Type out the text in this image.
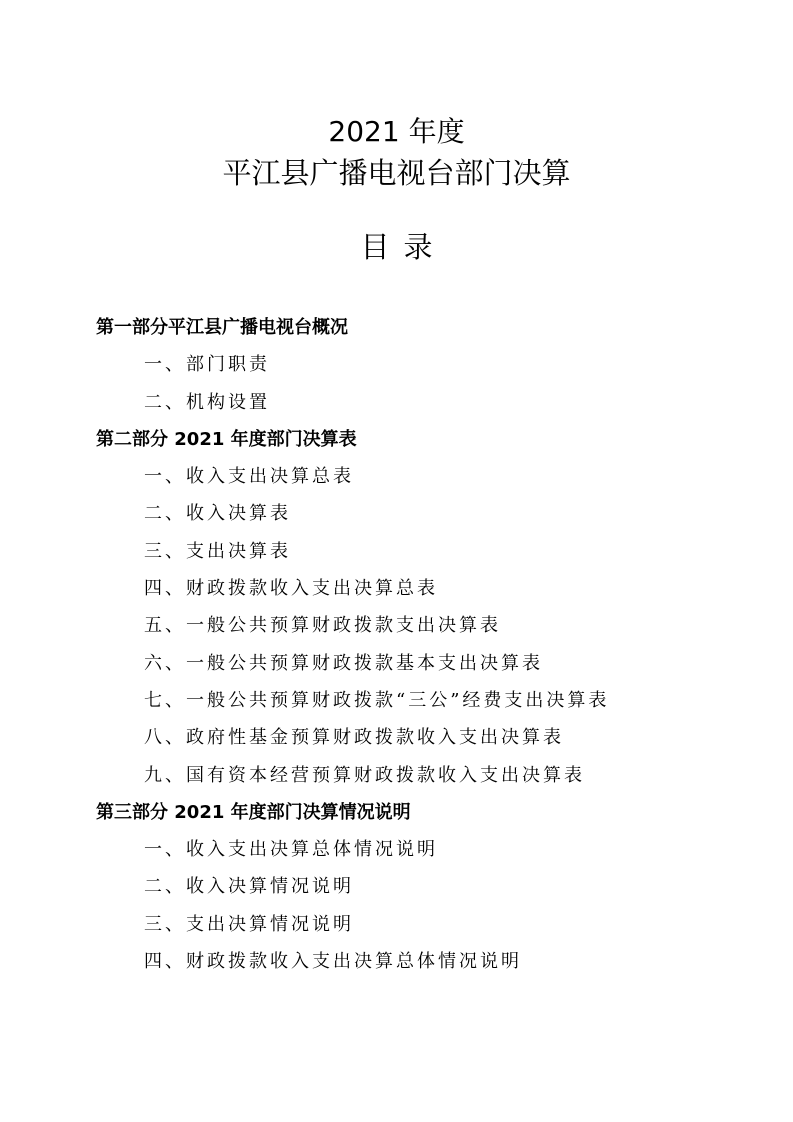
2021 年度
平江县广播电视台部门决算
目录
第一部分平江县广播电视台概况
一、部门职责
二、机构设置
第二部分 2021 年度部门决算表
一、收入支出决算总表
二、收入决算表
三、支出决算表
四、财政拨款收入支出决算总表
五、一般公共预算财政拨款支出决算表
六、一般公共预算财政拨款基本支出决算表
七、一般公共预算财政拨款“三公”经费支出决算表
八、政府性基金预算财政拨款收入支出决算表
九、国有资本经营预算财政拨款收入支出决算表
第三部分 2021 年度部门决算情况说明
一、收入支出决算总体情况说明
二、收入决算情况说明
三、支出决算情况说明
四、财政拨款收入支出决算总体情况说明
